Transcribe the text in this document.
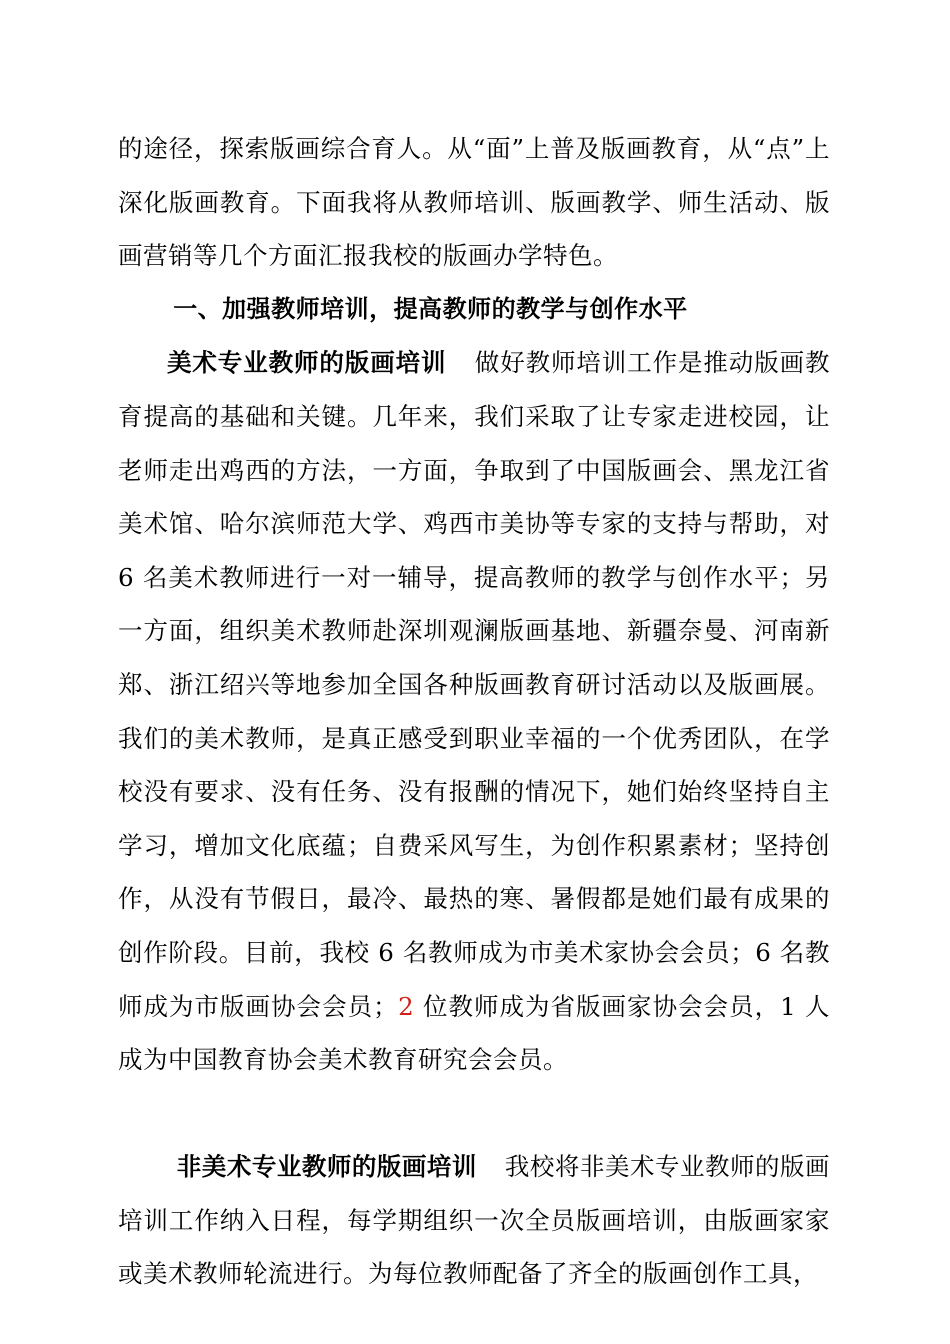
的途径，探索版画综合育人。从“面”上普及版画教育，从“点”上深化版画教育。下面我将从教师培训、版画教学、师生活动、版画营销等几个方面汇报我校的版画办学特色。

一、加强教师培训，提高教师的教学与创作水平

美术专业教师的版画培训 做好教师培训工作是推动版画教育提高的基础和关键。几年来，我们采取了让专家走进校园，让老师走出鸡西的方法，一方面，争取到了中国版画会、黑龙江省美术馆、哈尔滨师范大学、鸡西市美协等专家的支持与帮助，对 6 名美术教师进行一对一辅导，提高教师的教学与创作水平；另一方面，组织美术教师赴深圳观澜版画基地、新疆奈曼、河南新郑、浙江绍兴等地参加全国各种版画教育研讨活动以及版画展。我们的美术教师，是真正感受到职业幸福的一个优秀团队，在学校没有要求、没有任务、没有报酬的情况下，她们始终坚持自主学习，增加文化底蕴；自费采风写生，为创作积累素材；坚持创作，从没有节假日，最冷、最热的寒、暑假都是她们最有成果的创作阶段。目前，我校 6 名教师成为市美术家协会会员；6 名教师成为市版画协会会员；2 位教师成为省版画家协会会员，1 人成为中国教育协会美术教育研究会会员。

非美术专业教师的版画培训 我校将非美术专业教师的版画培训工作纳入日程，每学期组织一次全员版画培训，由版画家家或美术教师轮流进行。为每位教师配备了齐全的版画创作工具，
